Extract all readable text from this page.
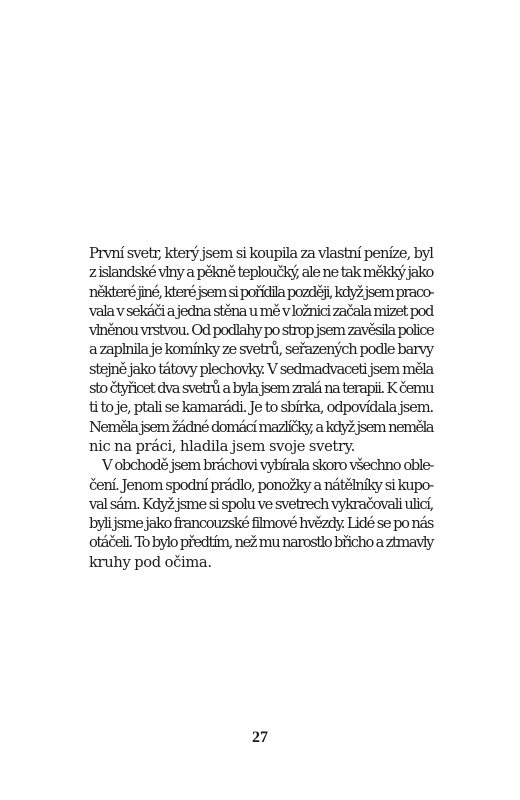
První svetr, který jsem si koupila za vlastní peníze, byl
z islandské vlny a pěkně teploučký, ale ne tak měkký jako
některé jiné, které jsem si pořídila později, když jsem praco-
vala v sekáči a jedna stěna u mě v ložnici začala mizet pod
vlněnou vrstvou. Od podlahy po strop jsem zavěsila police
a zaplnila je komínky ze svetrů, seřazených podle barvy
stejně jako tátovy plechovky. V sedmadvaceti jsem měla
sto čtyřicet dva svetrů a byla jsem zralá na terapii. K čemu
ti to je, ptali se kamarádi. Je to sbírka, odpovídala jsem.
Neměla jsem žádné domácí mazlíčky, a když jsem neměla
nic na práci, hladila jsem svoje svetry.
V obchodě jsem bráchovi vybírala skoro všechno oble-
čení. Jenom spodní prádlo, ponožky a nátělníky si kupo-
val sám. Když jsme si spolu ve svetrech vykračovali ulicí,
byli jsme jako francouzské filmové hvězdy. Lidé se po nás
otáčeli. To bylo předtím, než mu narostlo břicho a ztmavly
kruhy pod očima.
27
